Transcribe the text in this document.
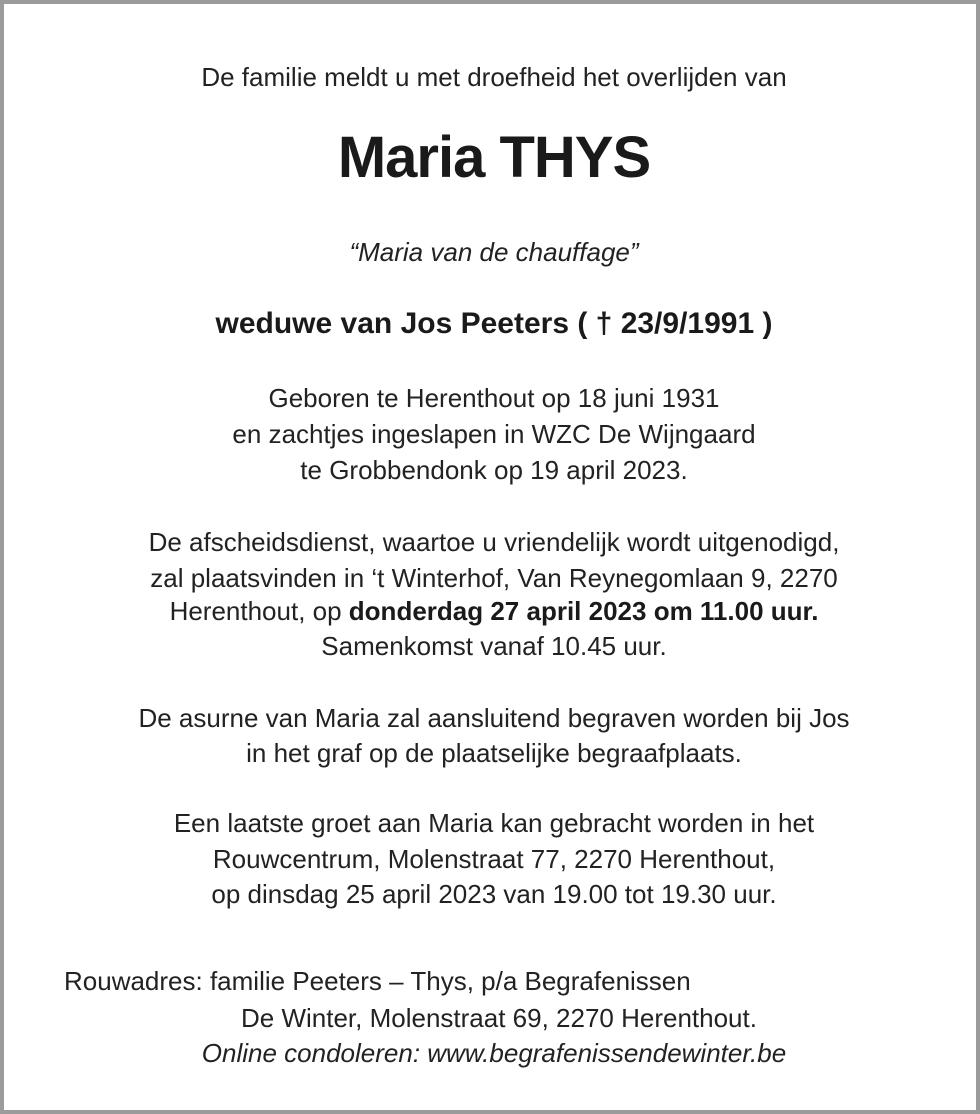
De familie meldt u met droefheid het overlijden van
Maria THYS
“Maria van de chauffage”
weduwe van Jos Peeters ( † 23/9/1991 )
Geboren te Herenthout op 18 juni 1931
en zachtjes ingeslapen in WZC De Wijngaard
te Grobbendonk op 19 april 2023.
De afscheidsdienst, waartoe u vriendelijk wordt uitgenodigd,
zal plaatsvinden in ‘t Winterhof, Van Reynegomlaan 9, 2270
Herenthout, op donderdag 27 april 2023 om 11.00 uur.
Samenkomst vanaf 10.45 uur.
De asurne van Maria zal aansluitend begraven worden bij Jos
in het graf op de plaatselijke begraafplaats.
Een laatste groet aan Maria kan gebracht worden in het
Rouwcentrum, Molenstraat 77, 2270 Herenthout,
op dinsdag 25 april 2023 van 19.00 tot 19.30 uur.
Rouwadres: familie Peeters – Thys, p/a Begrafenissen
De Winter, Molenstraat 69, 2270 Herenthout.
Online condoleren: www.begrafenissendewinter.be
